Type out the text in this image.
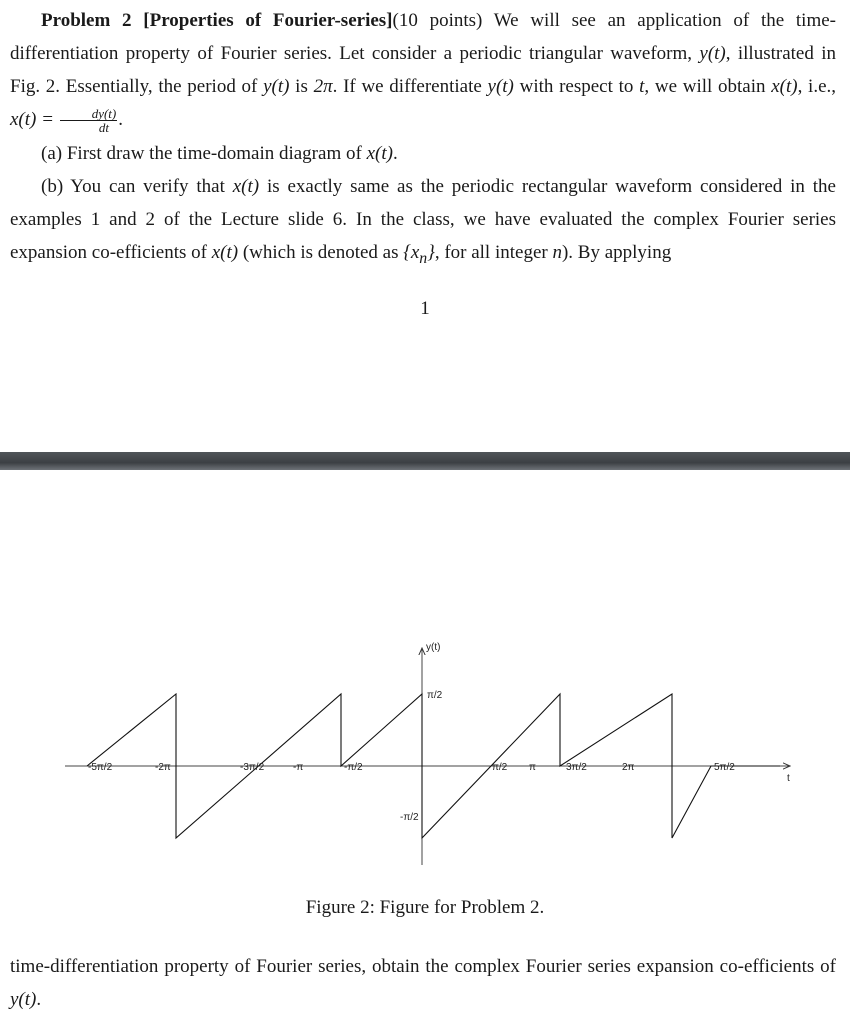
Problem 2 [Properties of Fourier-series](10 points) We will see an application of the time-differentiation property of Fourier series. Let consider a periodic triangular waveform, y(t), illustrated in Fig. 2. Essentially, the period of y(t) is 2π. If we differentiate y(t) with respect to t, we will obtain x(t), i.e., $x(t) = \frac{dy(t)}{dt}$ .

(a) First draw the time-domain diagram of x(t).

(b) You can verify that x(t) is exactly same as the periodic rectangular waveform considered in the examples 1 and 2 of the Lecture slide 6. In the class, we have evaluated the complex Fourier series expansion co-efficients of x(t) (which is denoted as $\{x_n\}$, for all integer n). By applying

1
y(t)
t
π/2
-π/2
-5π/2	-2π	-3π/2	-π	-π/2	π/2 π	3π/2	2π	5π/2
Figure 2: Figure for Problem 2.

time-differentiation property of Fourier series, obtain the complex Fourier series expansion co-efficients of y(t).
